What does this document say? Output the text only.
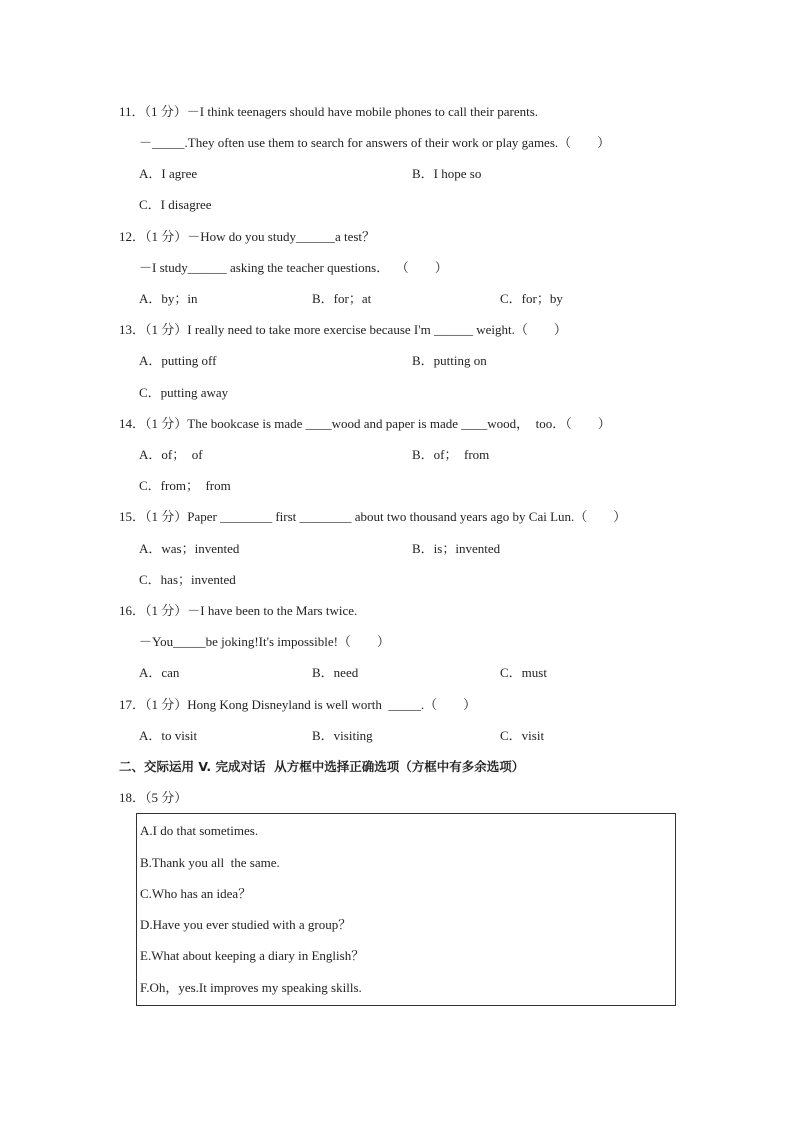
11．（1 分）－I think teenagers should have mobile phones to call their parents.
－_____.They often use them to search for answers of their work or play games.（        ）
A．I agree	B．I hope so
C．I disagree
12．（1 分）－How do you study______a test？
－I study______ asking the teacher questions．  （        ）
A．by；in	B．for；at	C．for；by
13．（1 分）I really need to take more exercise because I'm ______ weight.（        ）
A．putting off	B．putting on
C．putting away
14．（1 分）The bookcase is made ____wood and paper is made ____wood，  too．（        ）
A．of；  of	B．of；  from
C．from；  from
15．（1 分）Paper ________ first ________ about two thousand years ago by Cai Lun.（        ）
A．was；invented	B．is；invented
C．has；invented
16．（1 分）－I have been to the Mars twice.
－You_____be joking!It's impossible!（        ）
A．can	B．need	C．must
17．（1 分）Hong Kong Disneyland is well worth  _____.（        ）
A．to visit	B．visiting	C．visit
二、交际运用 V. 完成对话  从方框中选择正确选项（方框中有多余选项）
18．（5 分）
A.I do that sometimes.
B.Thank you all  the same.
C.Who has an idea？
D.Have you ever studied with a group？
E.What about keeping a diary in English？
F.Oh，yes.It improves my speaking skills.
